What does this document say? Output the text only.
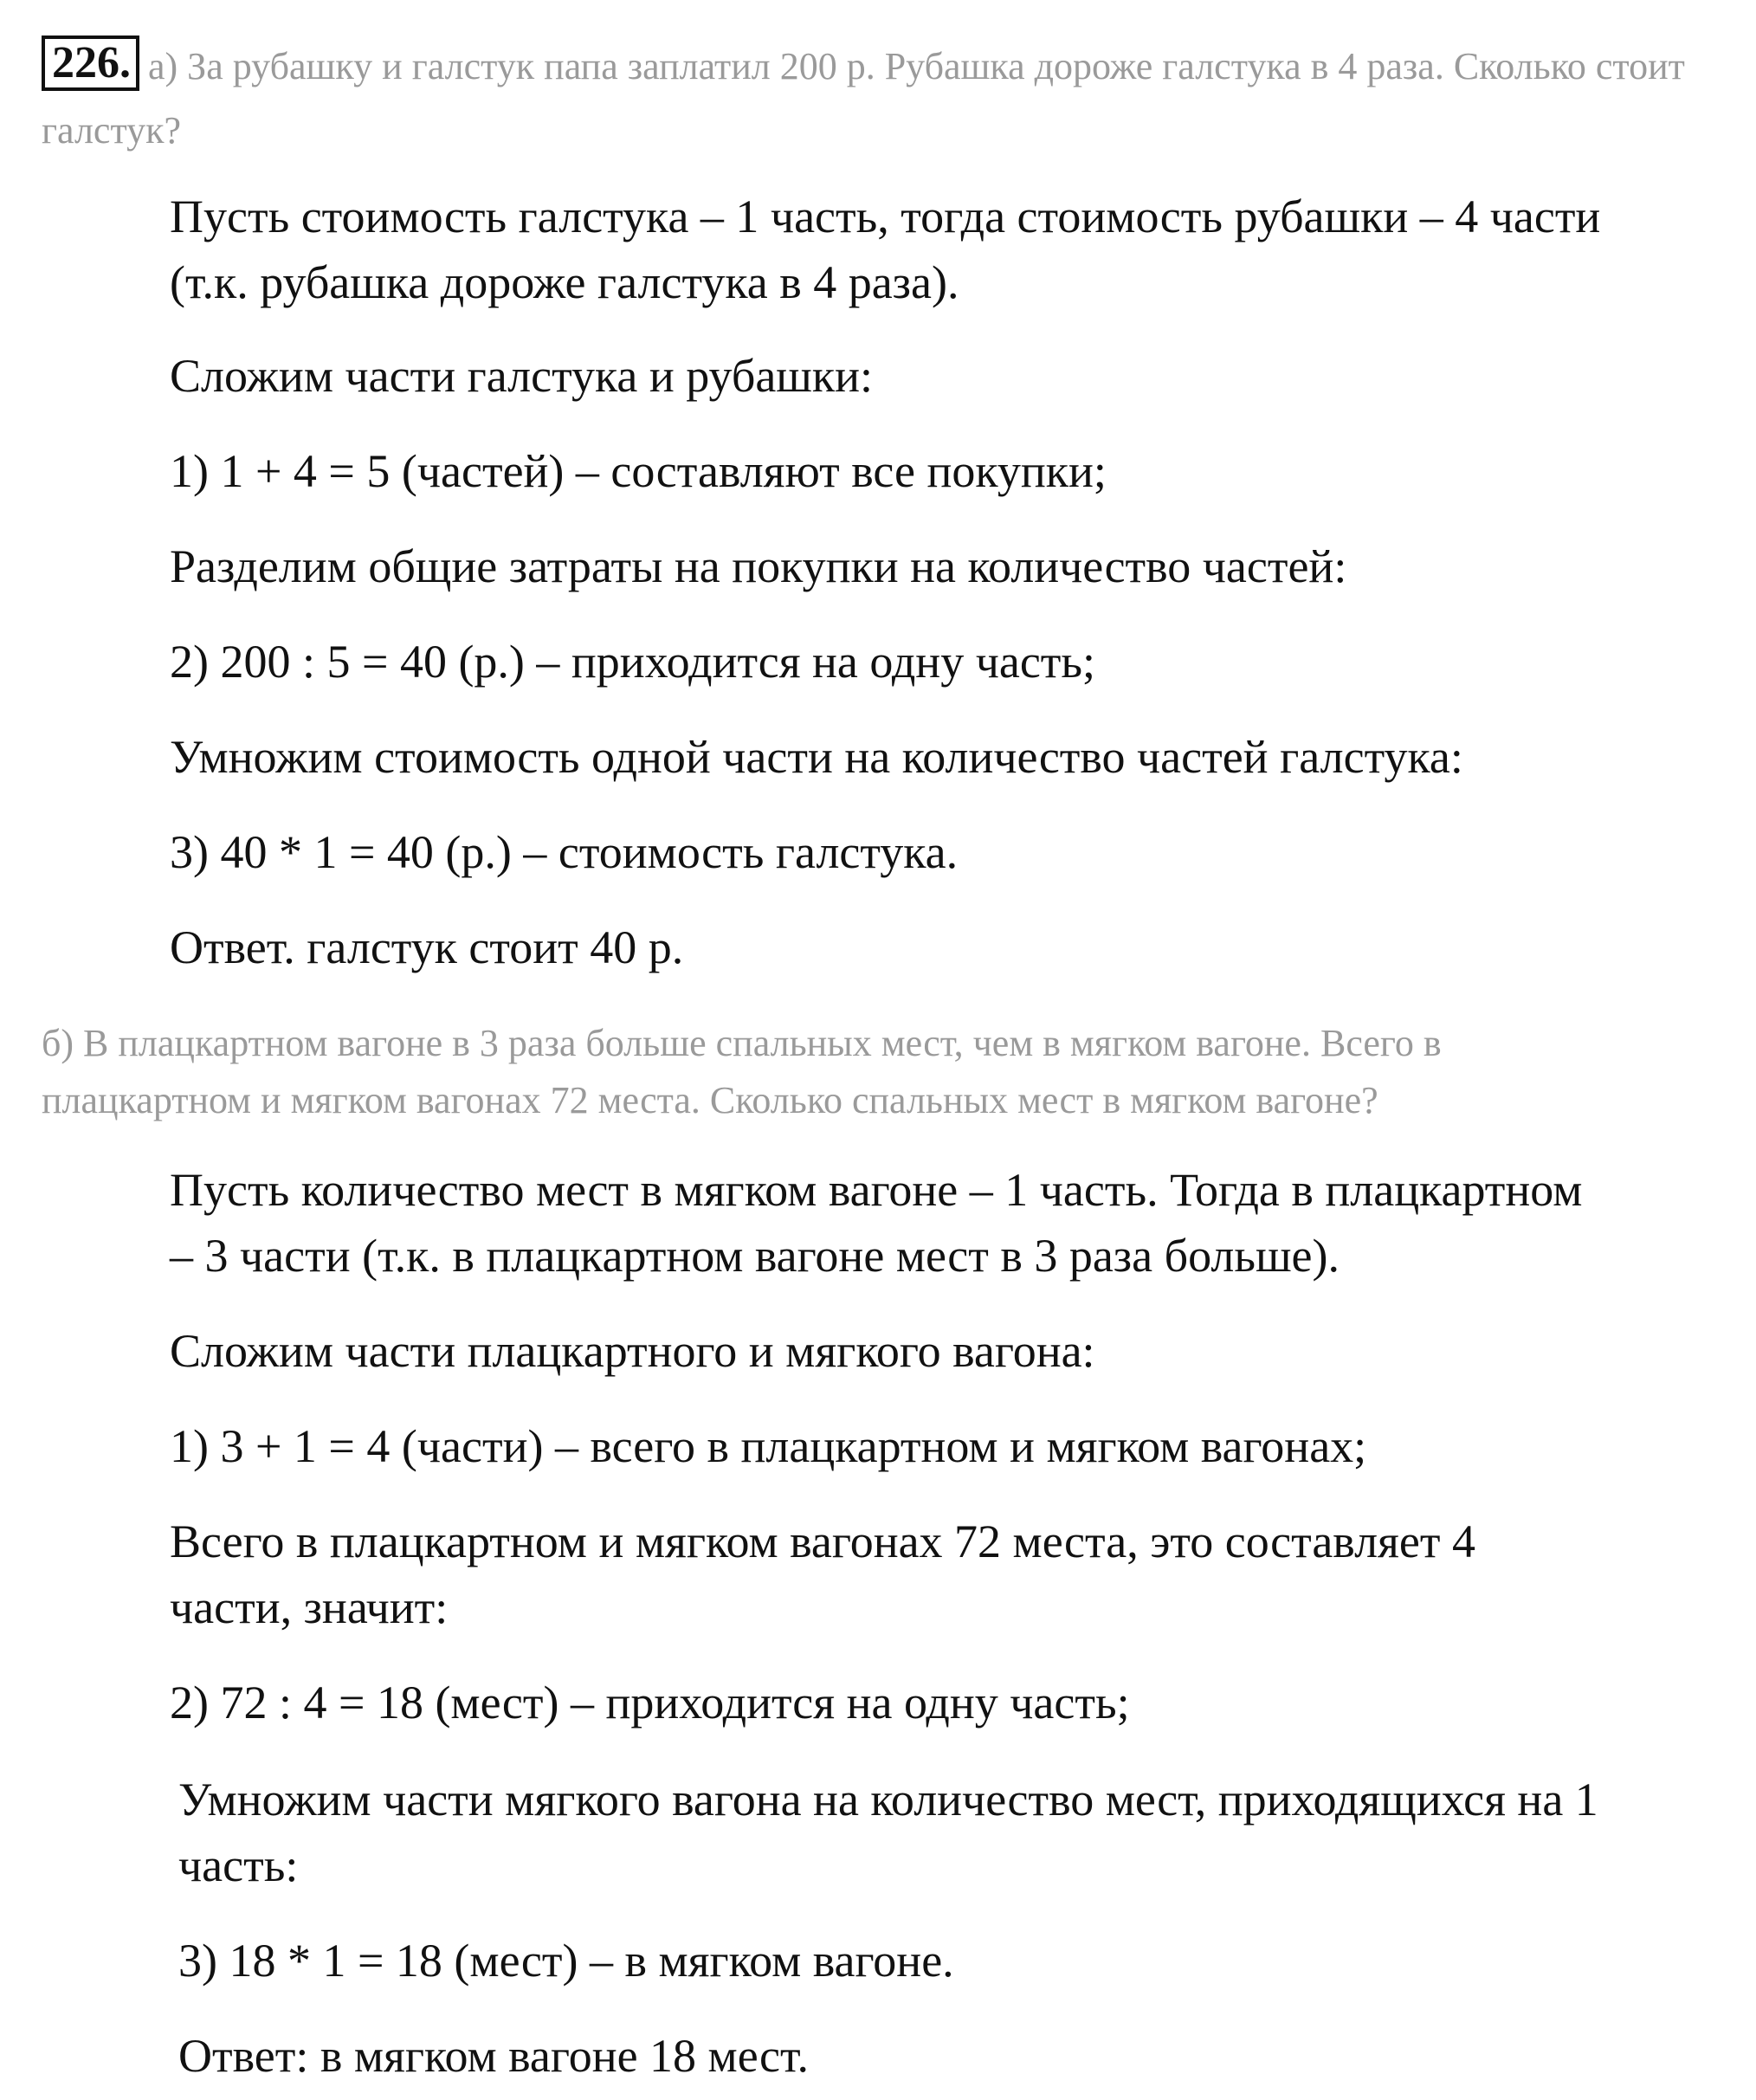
226. а) За рубашку и галстук папа заплатил 200 р. Рубашка дороже галстука в 4 раза. Сколько стоит галстук?
Пусть стоимость галстука – 1 часть, тогда стоимость рубашки – 4 части
(т.к. рубашка дороже галстука в 4 раза).
Сложим части галстука и рубашки:
1) 1 + 4 = 5 (частей) – составляют все покупки;
Разделим общие затраты на покупки на количество частей:
2) 200 : 5 = 40 (р.) – приходится на одну часть;
Умножим стоимость одной части на количество частей галстука:
3) 40 * 1 = 40 (р.) – стоимость галстука.
Ответ. галстук стоит 40 р.
б) В плацкартном вагоне в 3 раза больше спальных мест, чем в мягком вагоне. Всего в
плацкартном и мягком вагонах 72 места. Сколько спальных мест в мягком вагоне?
Пусть количество мест в мягком вагоне – 1 часть. Тогда в плацкартном
– 3 части (т.к. в плацкартном вагоне мест в 3 раза больше).
Сложим части плацкартного и мягкого вагона:
1) 3 + 1 = 4 (части) – всего в плацкартном и мягком вагонах;
Всего в плацкартном и мягком вагонах 72 места, это составляет 4
части, значит:
2) 72 : 4 = 18 (мест) – приходится на одну часть;
Умножим части мягкого вагона на количество мест, приходящихся на 1
часть:
3) 18 * 1 = 18 (мест) – в мягком вагоне.
Ответ: в мягком вагоне 18 мест.
